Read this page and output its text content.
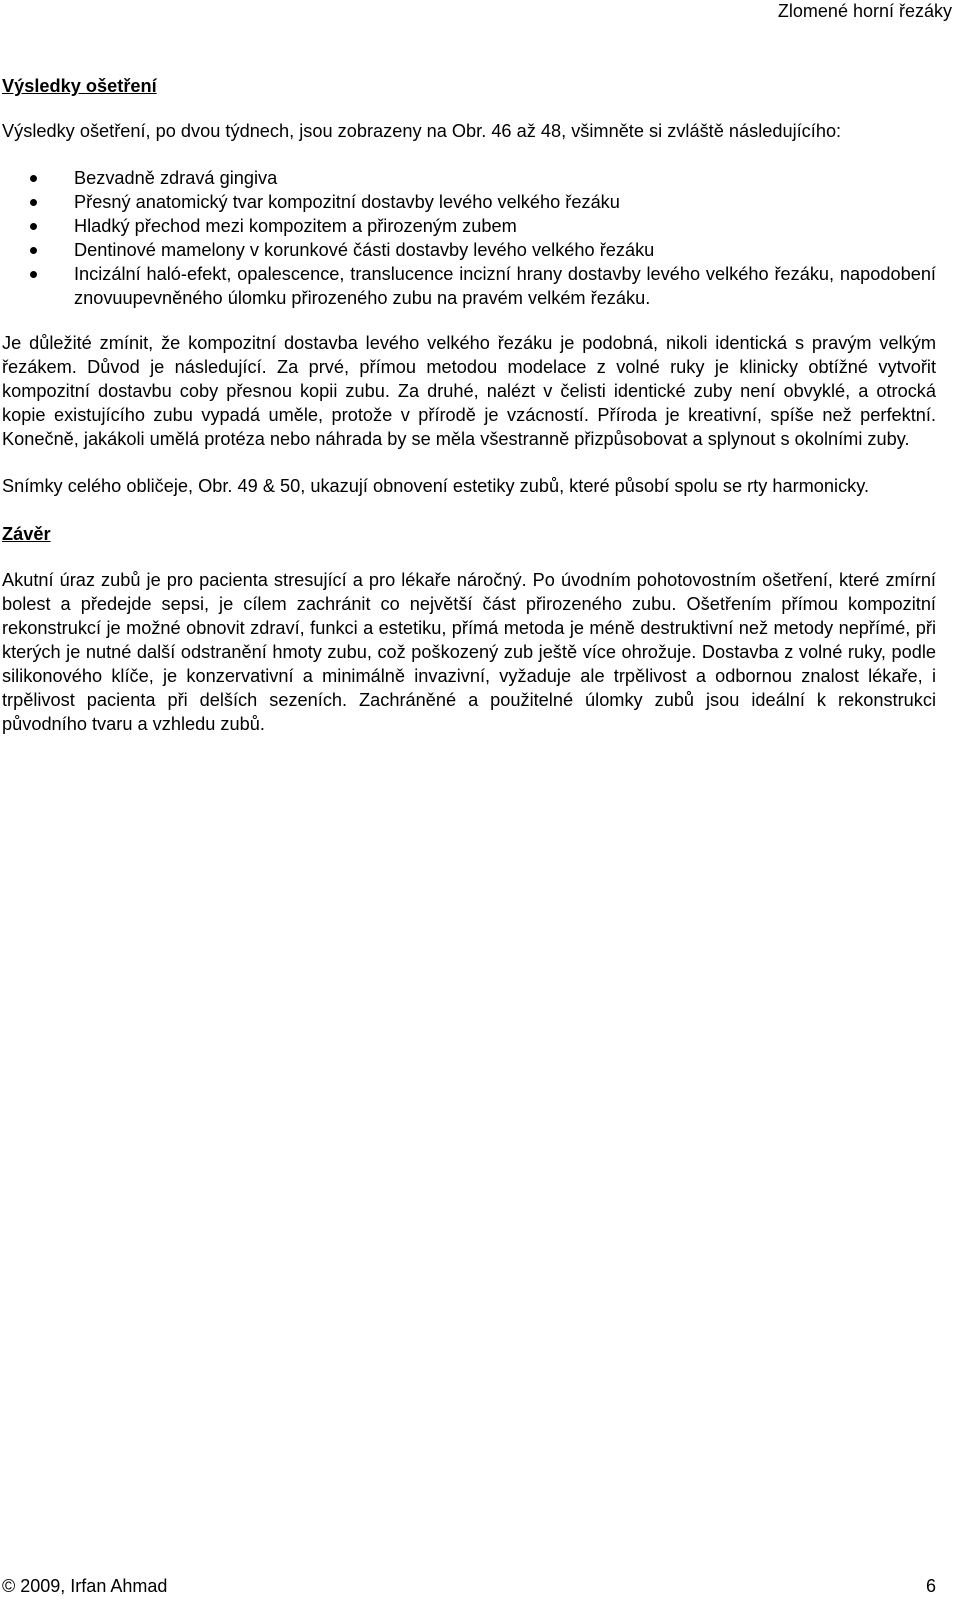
Zlomené horní řezáky
Výsledky ošetření

Výsledky ošetření, po dvou týdnech, jsou zobrazeny na Obr. 46 až 48, všimněte si zvláště následujícího:

Bezvadně zdravá gingiva
Přesný anatomický tvar kompozitní dostavby levého velkého řezáku
Hladký přechod mezi kompozitem a přirozeným zubem
Dentinové mamelony v korunkové části dostavby levého velkého řezáku
Incizální haló-efekt, opalescence, translucence incizní hrany dostavby levého velkého řezáku, napodobení znovuupevněného úlomku přirozeného zubu na pravém velkém řezáku.

Je důležité zmínit, že kompozitní dostavba levého velkého řezáku je podobná, nikoli identická s pravým velkým řezákem. Důvod je následující. Za prvé, přímou metodou modelace z volné ruky je klinicky obtížné vytvořit kompozitní dostavbu coby přesnou kopii zubu. Za druhé, nalézt v čelisti identické zuby není obvyklé, a otrocká kopie existujícího zubu vypadá uměle, protože v přírodě je vzácností. Příroda je kreativní, spíše než perfektní. Konečně, jakákoli umělá protéza nebo náhrada by se měla všestranně přizpůsobovat a splynout s okolními zuby.

Snímky celého obličeje, Obr. 49 & 50, ukazují obnovení estetiky zubů, které působí spolu se rty harmonicky.

Závěr

Akutní úraz zubů je pro pacienta stresující a pro lékaře náročný. Po úvodním pohotovostním ošetření, které zmírní bolest a předejde sepsi, je cílem zachránit co největší část přirozeného zubu. Ošetřením přímou kompozitní rekonstrukcí je možné obnovit zdraví, funkci a estetiku, přímá metoda je méně destruktivní než metody nepřímé, při kterých je nutné další odstranění hmoty zubu, což poškozený zub ještě více ohrožuje. Dostavba z volné ruky, podle silikonového klíče, je konzervativní a minimálně invazivní, vyžaduje ale trpělivost a odbornou znalost lékaře, i trpělivost pacienta při delších sezeních. Zachráněné a použitelné úlomky zubů jsou ideální k rekonstrukci původního tvaru a vzhledu zubů.

© 2009, Irfan Ahmad	6
